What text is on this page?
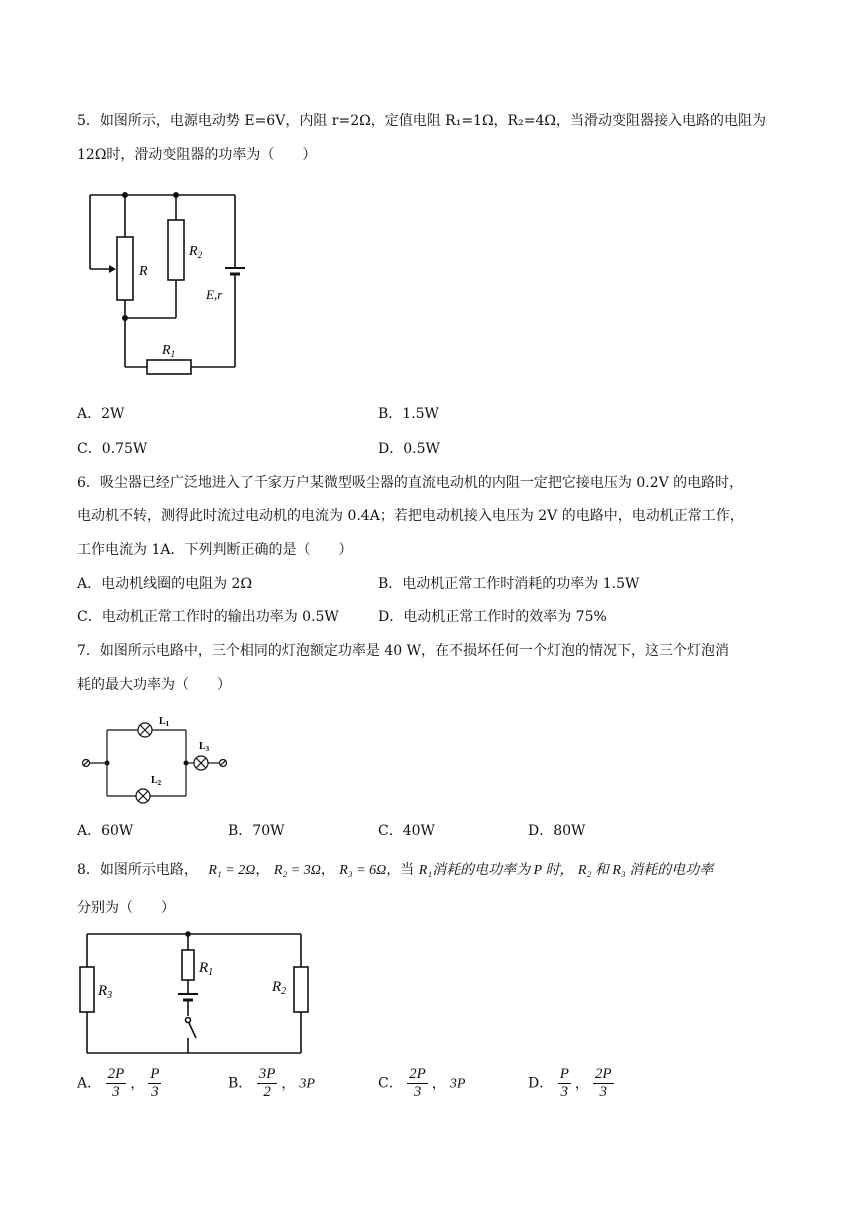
5．如图所示，电源电动势 E=6V，内阻 r=2Ω，定值电阻 R₁=1Ω，R₂=4Ω，当滑动变阻器接入电路的电阻为
12Ω时，滑动变阻器的功率为（　　）
R
$R_2$
E,r
$R_1$
A．2W	B．1.5W
C．0.75W	D．0.5W
6．吸尘器已经广泛地进入了千家万户某微型吸尘器的直流电动机的内阻一定把它接电压为 0.2V 的电路时，
电动机不转，测得此时流过电动机的电流为 0.4A；若把电动机接入电压为 2V 的电路中，电动机正常工作，
工作电流为 1A．下列判断正确的是（　　）
A．电动机线圈的电阻为 2Ω	B．电动机正常工作时消耗的功率为 1.5W
C．电动机正常工作时的输出功率为 0.5W	D．电动机正常工作时的效率为 75%
7．如图所示电路中，三个相同的灯泡额定功率是 40 W，在不损坏任何一个灯泡的情况下，这三个灯泡消
耗的最大功率为（　　）
$L_1$
$L_2$
$L_3$
A．60W	B．70W	C．40W	D．80W
8．如图所示电路， R₁ = 2Ω， R₂ = 3Ω， R₃ = 6Ω，当 R₁消耗的电功率为 P 时， R₂ 和 R₃ 消耗的电功率
分别为（　　）
$R_1$
$R_2$
$R_3$
A． $\frac{2P}{3}$ ， $\frac{P}{3}$	B． $\frac{3P}{2}$ ， 3P	C． $\frac{2P}{3}$ ， 3P	D． $\frac{P}{3}$ ， $\frac{2P}{3}$
